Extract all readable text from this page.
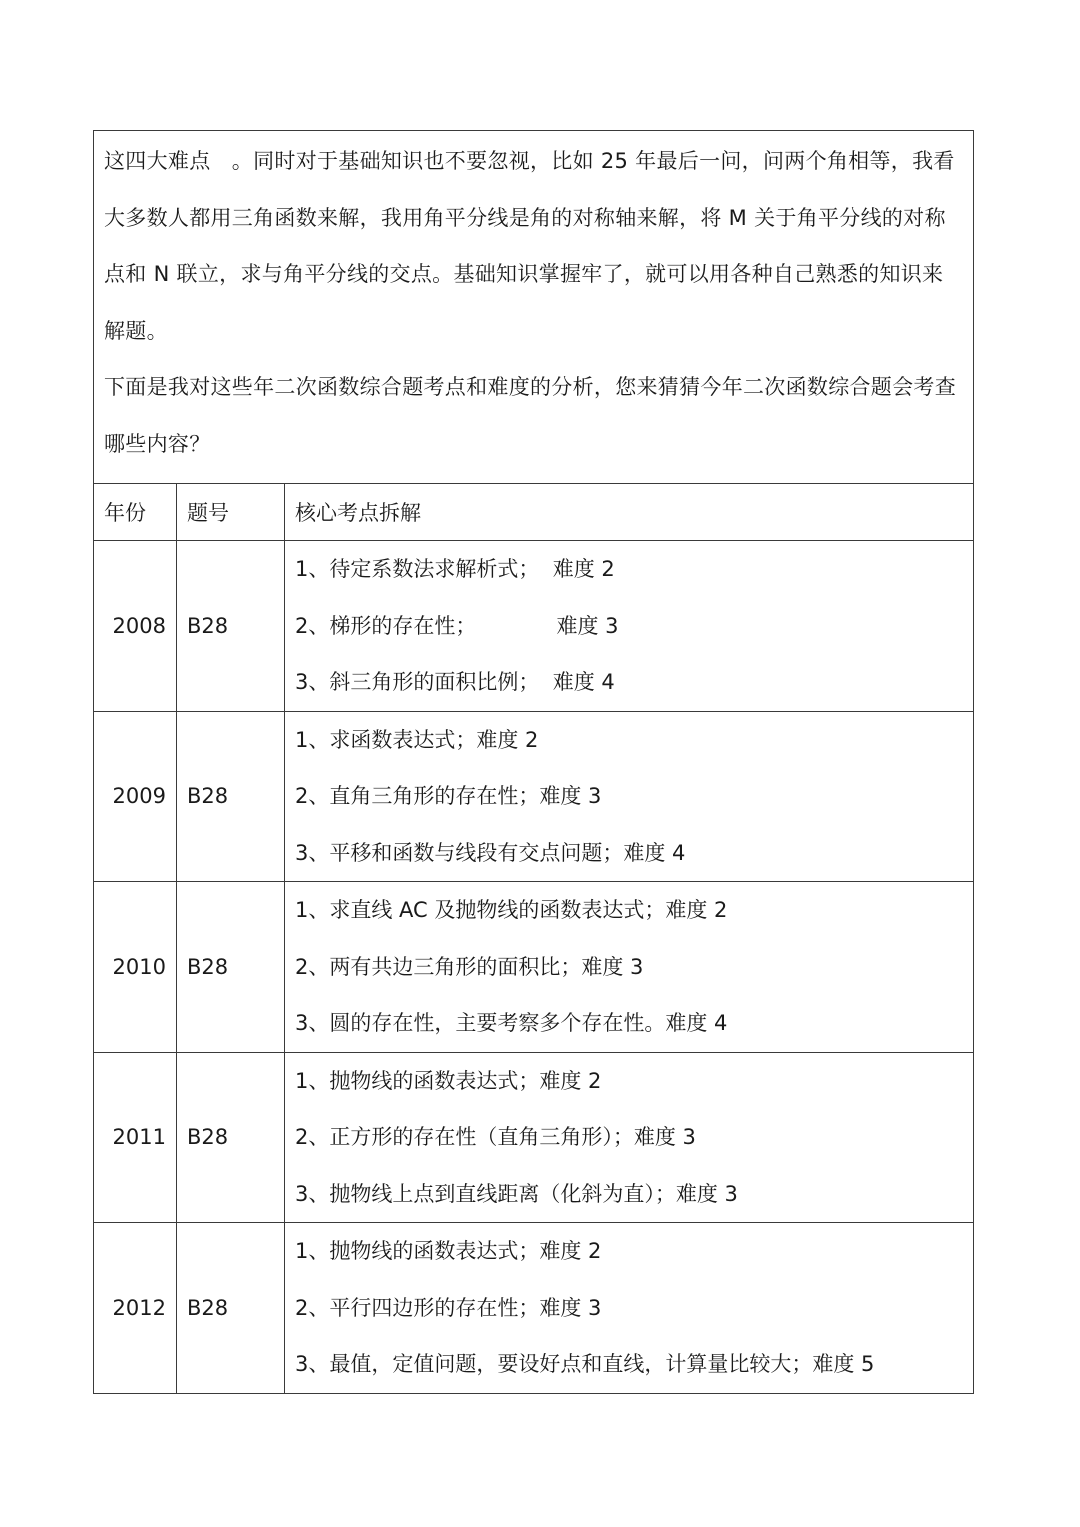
这四大难点　。同时对于基础知识也不要忽视，比如 25 年最后一问，问两个角相等，我看大多数人都用三角函数来解，我用角平分线是角的对称轴来解，将 M 关于角平分线的对称点和 N 联立，求与角平分线的交点。基础知识掌握牢了，就可以用各种自己熟悉的知识来解题。

下面是我对这些年二次函数综合题考点和难度的分析，您来猜猜今年二次函数综合题会考查哪些内容？		

年份	题号	核心考点拆解
2008	B28	1、待定系数法求解析式；  难度 2
2、梯形的存在性；            难度 3
3、斜三角形的面积比例；  难度 4

2009	B28	1、求函数表达式；难度 2
2、直角三角形的存在性；难度 3
3、平移和函数与线段有交点问题；难度 4

2010	B28	1、求直线 AC 及抛物线的函数表达式；难度 2
2、两有共边三角形的面积比；难度 3
3、圆的存在性，主要考察多个存在性。难度 4

2011	B28	1、抛物线的函数表达式；难度 2
2、正方形的存在性（直角三角形）；难度 3
3、抛物线上点到直线距离（化斜为直）；难度 3

2012	B28	1、抛物线的函数表达式；难度 2
2、平行四边形的存在性；难度 3
3、最值，定值问题，要设好点和直线，计算量比较大；难度 5
